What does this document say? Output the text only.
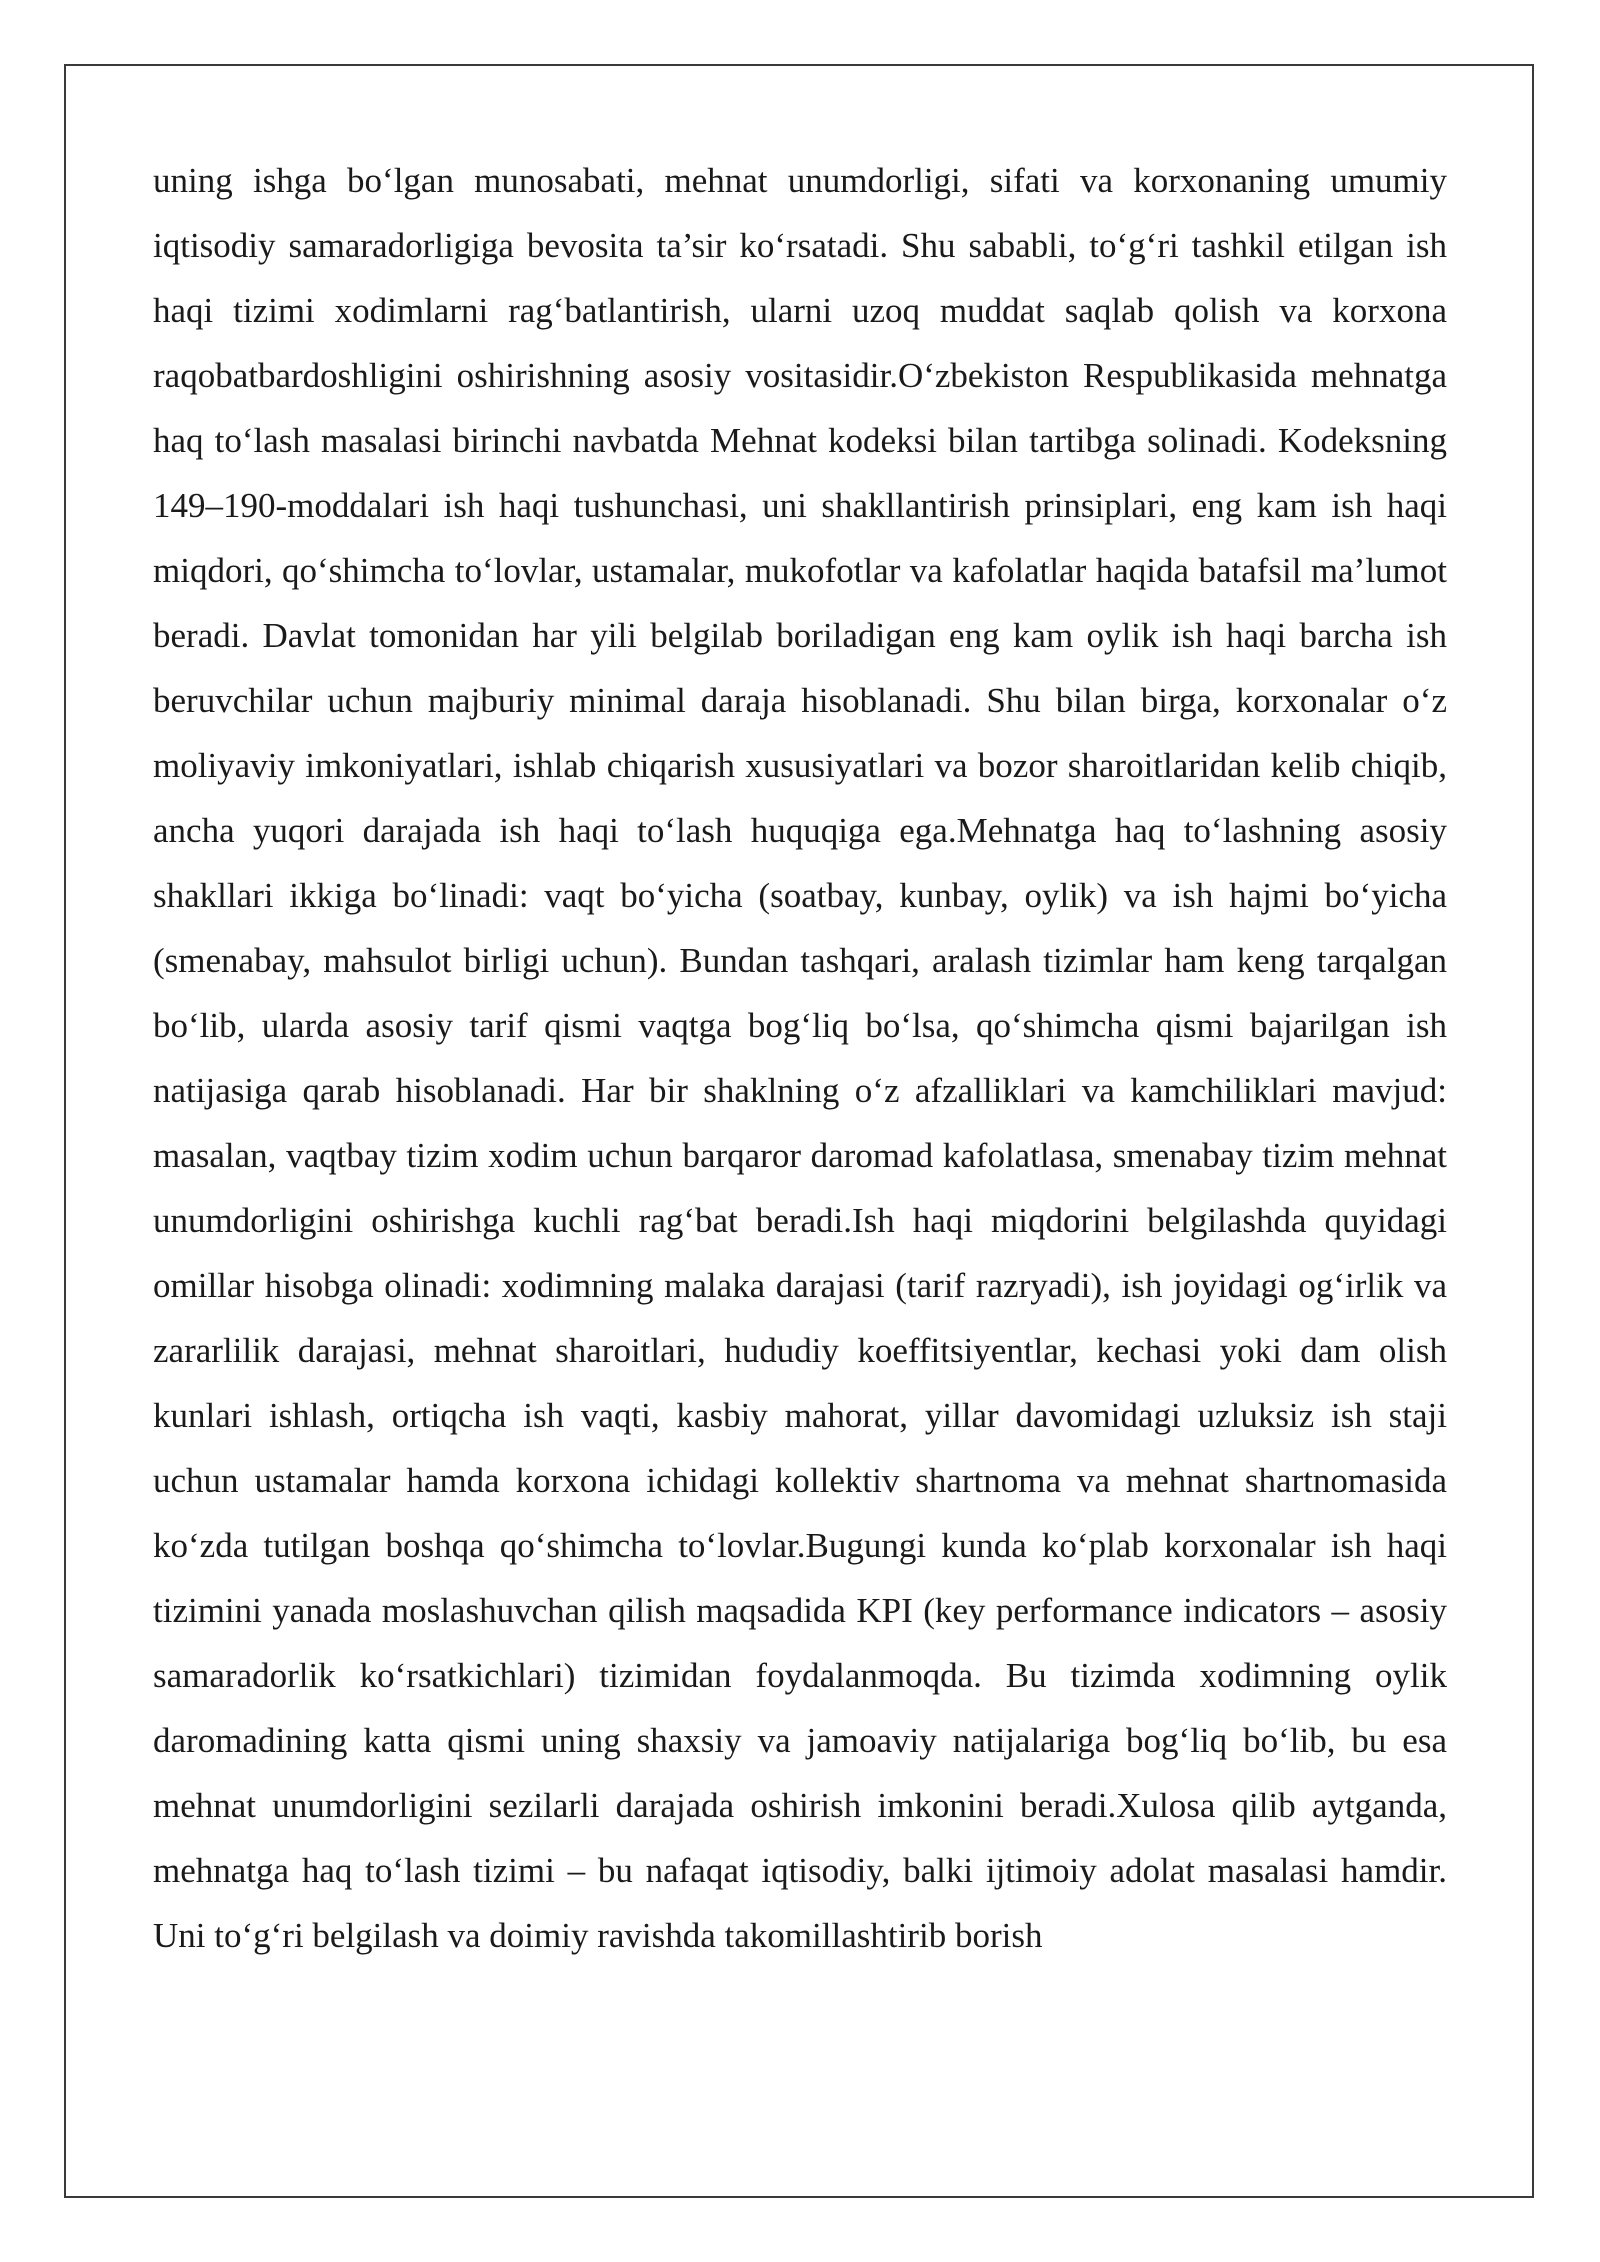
uning ishga bo‘lgan munosabati, mehnat unumdorligi, sifati va korxonaning umumiy iqtisodiy samaradorligiga bevosita ta’sir ko‘rsatadi. Shu sababli, to‘g‘ri tashkil etilgan ish haqi tizimi xodimlarni rag‘batlantirish, ularni uzoq muddat saqlab qolish va korxona raqobatbardoshligini oshirishning asosiy vositasidir.O‘zbekiston Respublikasida mehnatga haq to‘lash masalasi birinchi navbatda Mehnat kodeksi bilan tartibga solinadi. Kodeksning 149–190-moddalari ish haqi tushunchasi, uni shakllantirish prinsiplari, eng kam ish haqi miqdori, qo‘shimcha to‘lovlar, ustamalar, mukofotlar va kafolatlar haqida batafsil ma’lumot beradi. Davlat tomonidan har yili belgilab boriladigan eng kam oylik ish haqi barcha ish beruvchilar uchun majburiy minimal daraja hisoblanadi. Shu bilan birga, korxonalar o‘z moliyaviy imkoniyatlari, ishlab chiqarish xususiyatlari va bozor sharoitlaridan kelib chiqib, ancha yuqori darajada ish haqi to‘lash huquqiga ega.Mehnatga haq to‘lashning asosiy shakllari ikkiga bo‘linadi: vaqt bo‘yicha (soatbay, kunbay, oylik) va ish hajmi bo‘yicha (smenabay, mahsulot birligi uchun). Bundan tashqari, aralash tizimlar ham keng tarqalgan bo‘lib, ularda asosiy tarif qismi vaqtga bog‘liq bo‘lsa, qo‘shimcha qismi bajarilgan ish natijasiga qarab hisoblanadi. Har bir shaklning o‘z afzalliklari va kamchiliklari mavjud: masalan, vaqtbay tizim xodim uchun barqaror daromad kafolatlasa, smenabay tizim mehnat unumdorligini oshirishga kuchli rag‘bat beradi.Ish haqi miqdorini belgilashda quyidagi omillar hisobga olinadi: xodimning malaka darajasi (tarif razryadi), ish joyidagi og‘irlik va zararlilik darajasi, mehnat sharoitlari, hududiy koeffitsiyentlar, kechasi yoki dam olish kunlari ishlash, ortiqcha ish vaqti, kasbiy mahorat, yillar davomidagi uzluksiz ish staji uchun ustamalar hamda korxona ichidagi kollektiv shartnoma va mehnat shartnomasida ko‘zda tutilgan boshqa qo‘shimcha to‘lovlar.Bugungi kunda ko‘plab korxonalar ish haqi tizimini yanada moslashuvchan qilish maqsadida KPI (key performance indicators – asosiy samaradorlik ko‘rsatkichlari) tizimidan foydalanmoqda. Bu tizimda xodimning oylik daromadining katta qismi uning shaxsiy va jamoaviy natijalariga bog‘liq bo‘lib, bu esa mehnat unumdorligini sezilarli darajada oshirish imkonini beradi.Xulosa qilib aytganda, mehnatga haq to‘lash tizimi – bu nafaqat iqtisodiy, balki ijtimoiy adolat masalasi hamdir. Uni to‘g‘ri belgilash va doimiy ravishda takomillashtirib borish
